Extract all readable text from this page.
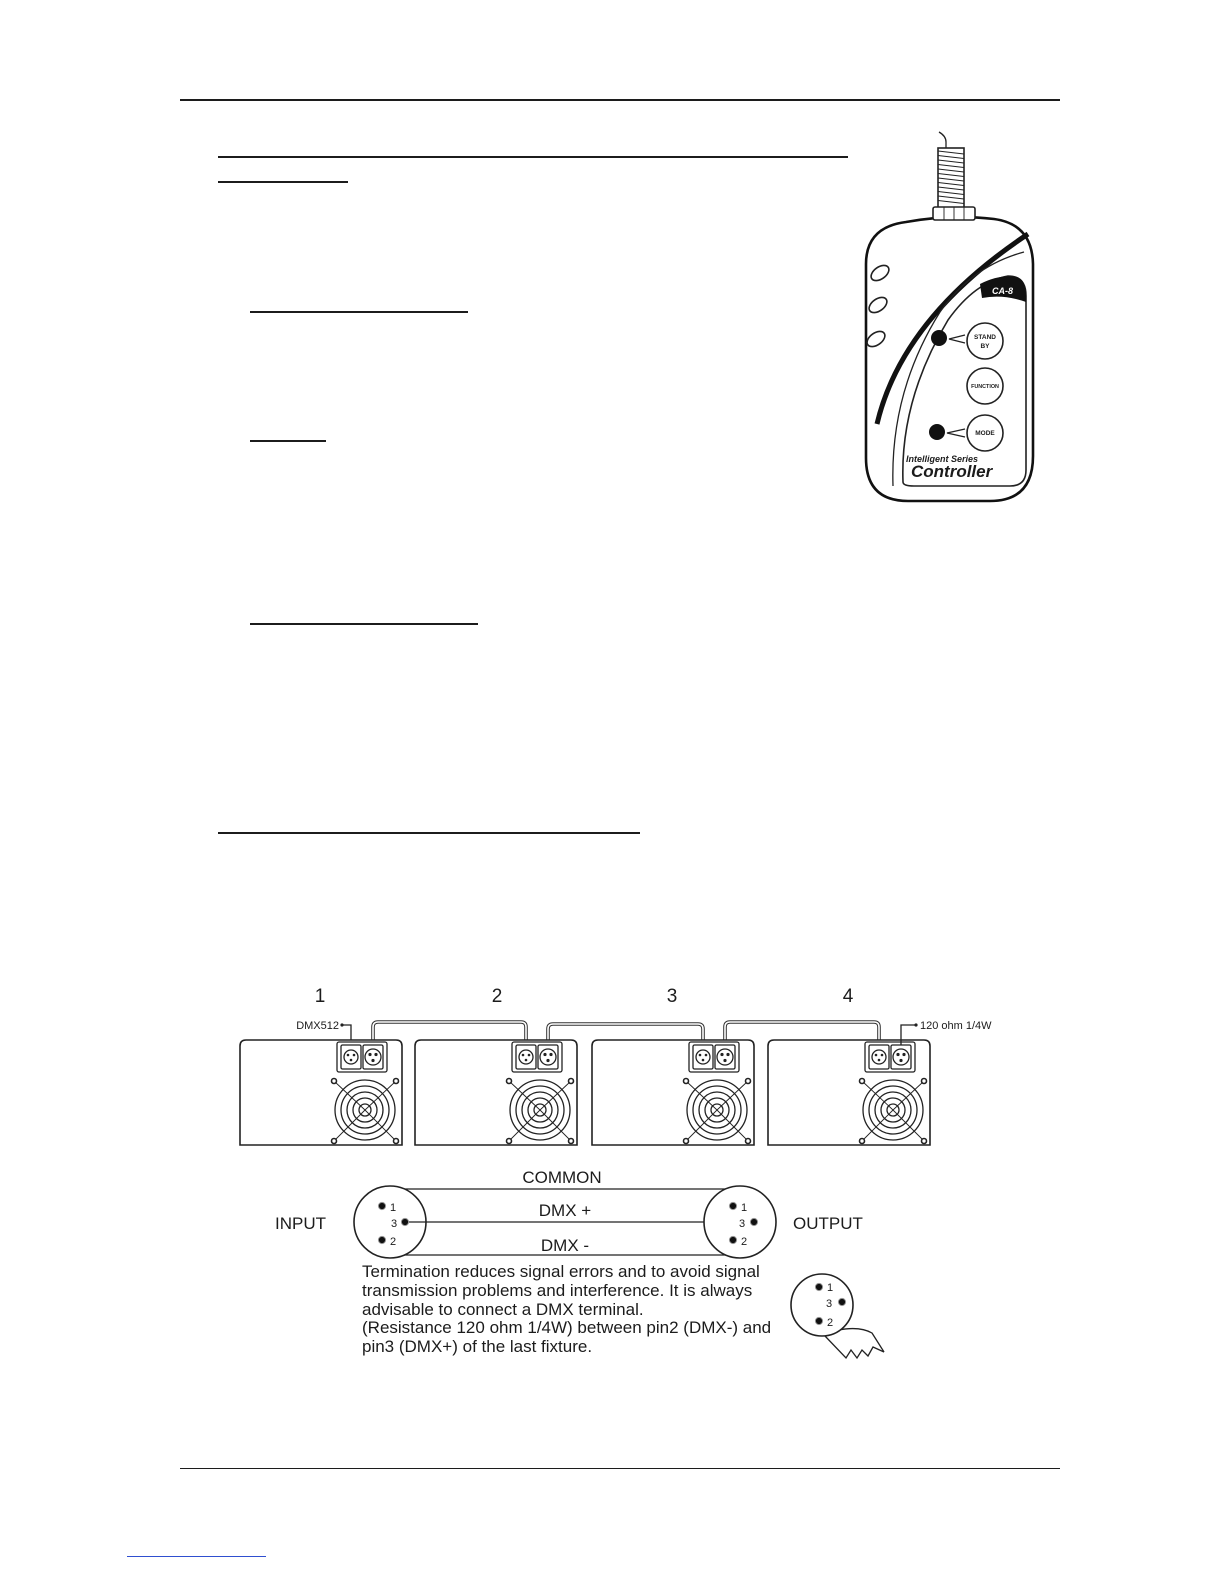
CA-8
STAND
BY
FUNCTION
MODE
Intelligent Series
Controller
1	2	3	4
DMX512	120 ohm 1/4W
COMMON
DMX +
DMX -
INPUT	OUTPUT
1
3
2
1
3
2
1
3
2
Termination reduces signal errors and to avoid signal
transmission problems and interference. It is always
advisable to connect a DMX terminal.
(Resistance 120 ohm 1/4W) between pin2 (DMX-) and
pin3 (DMX+) of the last fixture.
